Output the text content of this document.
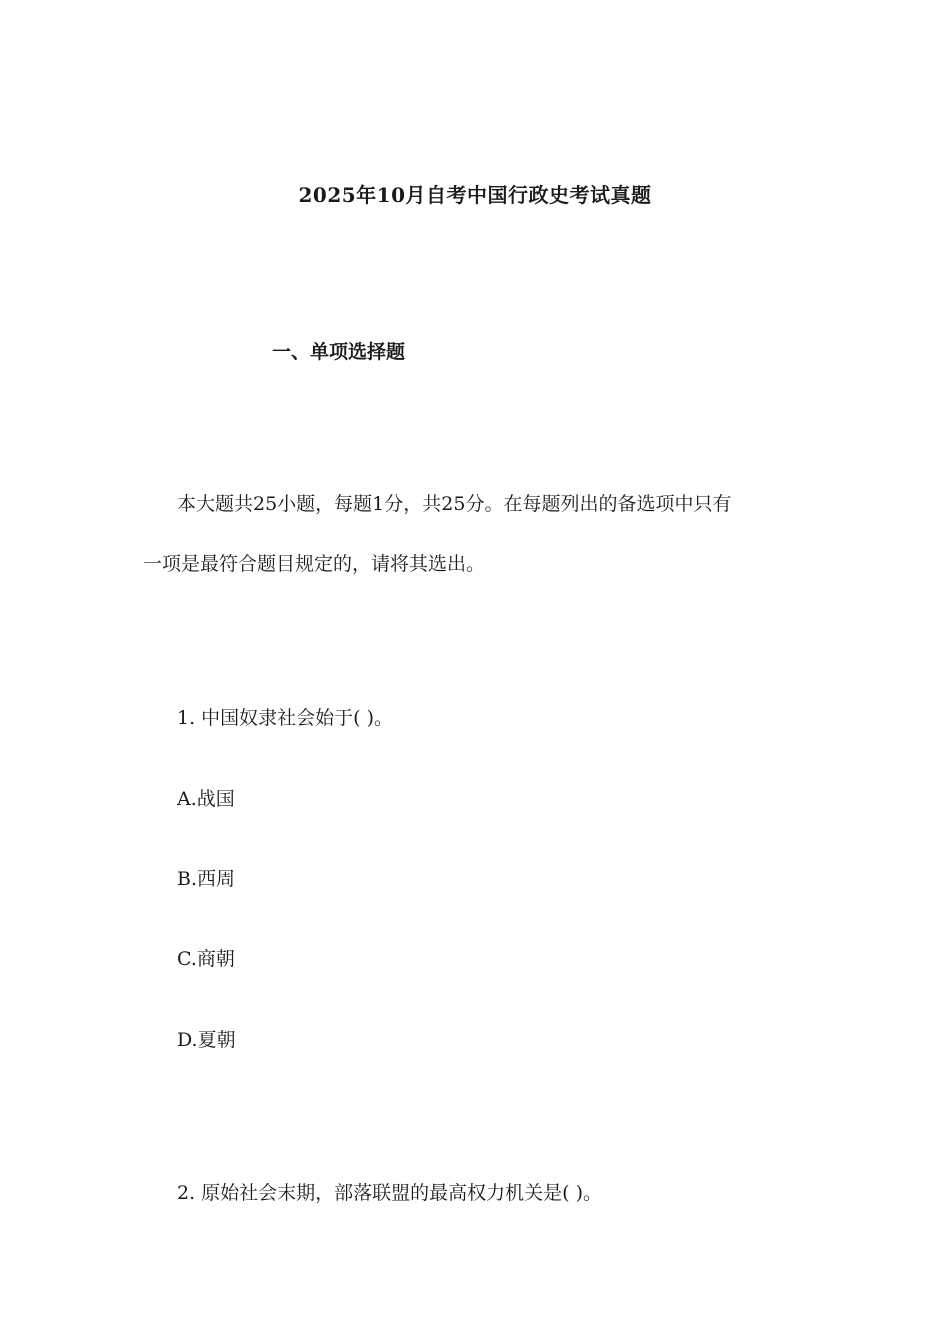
2025年10月自考中国行政史考试真题
一、单项选择题
本大题共25小题，每题1分，共25分。在每题列出的备选项中只有
一项是最符合题目规定的，请将其选出。
1. 中国奴隶社会始于( )。
A.战国
B.西周
C.商朝
D.夏朝
2. 原始社会末期，部落联盟的最高权力机关是( )。
